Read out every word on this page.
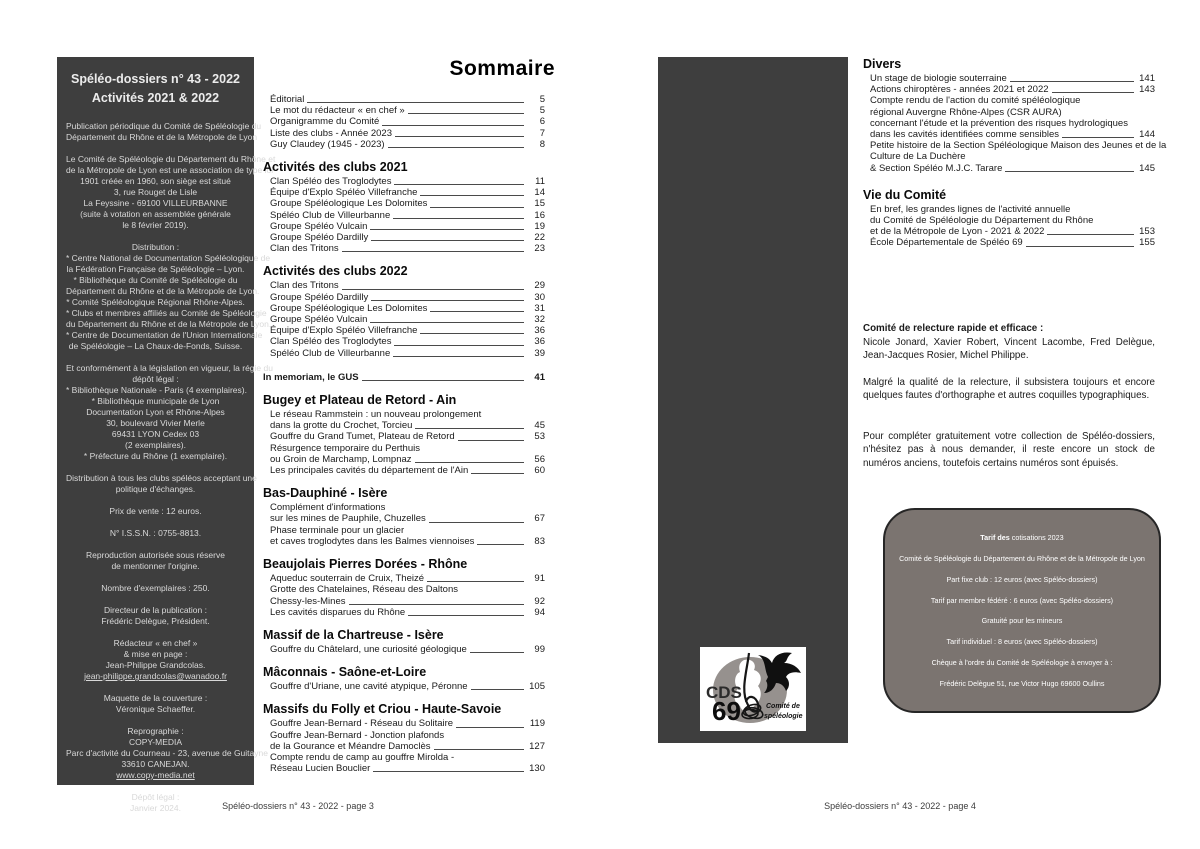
Spéléo-dossiers n° 43 - 2022
Activités 2021 & 2022
Publication périodique du Comité de Spéléologie du
Département du Rhône et de la Métropole de Lyon
Le Comité de Spéléologie du Département du Rhône et
de la Métropole de Lyon est une association de type loi
1901 créée en 1960, son siège est situé
3, rue Rouget de Lisle
La Feyssine - 69100 VILLEURBANNE
(suite à votation en assemblée générale
le 8 février 2019).
Distribution :
* Centre National de Documentation Spéléologique de
la Fédération Française de Spéléologie – Lyon.
* Bibliothèque du Comité de Spéléologie du
Département du Rhône et de la Métropole de Lyon.
* Comité Spéléologique Régional Rhône-Alpes.
* Clubs et membres affiliés au Comité de Spéléologie
du Département du Rhône et de la Métropole de Lyon.
* Centre de Documentation de l'Union Internationale
de Spéléologie – La Chaux-de-Fonds, Suisse.
Et conformément à la législation en vigueur, la régie du
dépôt légal :
* Bibliothèque Nationale - Paris (4 exemplaires).
* Bibliothèque municipale de Lyon
Documentation Lyon et Rhône-Alpes
30, boulevard Vivier Merle
69431 LYON Cedex 03
(2 exemplaires).
* Préfecture du Rhône (1 exemplaire).
Distribution à tous les clubs spéléos acceptant une
politique d'échanges.
Prix de vente : 12 euros.
N° I.S.S.N. : 0755-8813.
Reproduction autorisée sous réserve
de mentionner l'origine.
Nombre d'exemplaires : 250.
Directeur de la publication :
Frédéric Delègue, Président.
Rédacteur « en chef »
& mise en page :
Jean-Philippe Grandcolas.
jean-philippe.grandcolas@wanadoo.fr
Maquette de la couverture :
Véronique Schaeffer.
Reprographie :
COPY-MEDIA
Parc d'activité du Courneau - 23, avenue de Guitayne
33610 CANEJAN.
www.copy-media.net
Dépôt légal :
Janvier 2024.
Sommaire
Éditorial	5
Le mot du rédacteur « en chef »	5
Organigramme du Comité	6
Liste des clubs - Année 2023	7
Guy Claudey (1945 - 2023)	8
Activités des clubs 2021
Clan Spéléo des Troglodytes	11
Équipe d'Explo Spéléo Villefranche	14
Groupe Spéléologique Les Dolomites	15
Spéléo Club de Villeurbanne	16
Groupe Spéléo Vulcain	19
Groupe Spéléo Dardilly	22
Clan des Tritons	23
Activités des clubs 2022
Clan des Tritons	29
Groupe Spéléo Dardilly	30
Groupe Spéléologique Les Dolomites	31
Groupe Spéléo Vulcain	32
Équipe d'Explo Spéléo Villefranche	36
Clan Spéléo des Troglodytes	36
Spéléo Club de Villeurbanne	39
In memoriam, le GUS	41
Bugey et Plateau de Retord - Ain
Le réseau Rammstein : un nouveau prolongement
dans la grotte du Crochet, Torcieu	45
Gouffre du Grand Tumet, Plateau de Retord	53
Résurgence temporaire du Perthuis
ou Groin de Marchamp, Lompnaz	56
Les principales cavités du département de l'Ain	60
Bas-Dauphiné - Isère
Complément d'informations
sur les mines de Pauphile, Chuzelles	67
Phase terminale pour un glacier
et caves troglodytes dans les Balmes viennoises	83
Beaujolais Pierres Dorées - Rhône
Aqueduc souterrain de Cruix, Theizé	91
Grotte des Chatelaines, Réseau des Daltons
Chessy-les-Mines	92
Les cavités disparues du Rhône	94
Massif de la Chartreuse - Isère
Gouffre du Châtelard, une curiosité géologique	99
Mâconnais - Saône-et-Loire
Gouffre d'Uriane, une cavité atypique, Péronne	105
Massifs du Folly et Criou - Haute-Savoie
Gouffre Jean-Bernard - Réseau du Solitaire	119
Gouffre Jean-Bernard - Jonction plafonds
de la Gourance et Méandre Damoclès	127
Compte rendu de camp au gouffre Mirolda -
Réseau Lucien Bouclier	130
Spéléo-dossiers n° 43 - 2022 - page 3
CDS
69	Comité de
spéléologie
Divers
Un stage de biologie souterraine	141
Actions chiroptères - années 2021 et 2022	143
Compte rendu de l'action du comité spéléologique
régional Auvergne Rhône-Alpes (CSR AURA)
concernant l'étude et la prévention des risques hydrologiques
dans les cavités identifiées comme sensibles	144
Petite histoire de la Section Spéléologique Maison des Jeunes et de la
Culture de La Duchère
& Section Spéléo M.J.C. Tarare	145
Vie du Comité
En bref, les grandes lignes de l'activité annuelle
du Comité de Spéléologie du Département du Rhône
et de la Métropole de Lyon - 2021 & 2022	153
École Départementale de Spéléo 69	155
Comité de relecture rapide et efficace :
Nicole Jonard, Xavier Robert, Vincent Lacombe, Fred Delègue, Jean-Jacques Rosier, Michel Philippe.
Malgré la qualité de la relecture, il subsistera toujours et encore quelques fautes d'orthographe et autres coquilles typographiques.
Pour compléter gratuitement votre collection de Spéléo-dossiers, n'hésitez pas à nous demander, il reste encore un stock de numéros anciens, toutefois certains numéros sont épuisés.
Tarif des cotisations 2023
Comité de Spéléologie du Département du Rhône et de la Métropole de Lyon
Part fixe club : 12 euros (avec Spéléo-dossiers)
Tarif par membre fédéré : 6 euros (avec Spéléo-dossiers)
Gratuité pour les mineurs
Tarif individuel : 8 euros (avec Spéléo-dossiers)
Chèque à l'ordre du Comité de Spéléologie à envoyer à :
Frédéric Delègue 51, rue Victor Hugo 69600 Oullins
Spéléo-dossiers n° 43 - 2022 - page 4
